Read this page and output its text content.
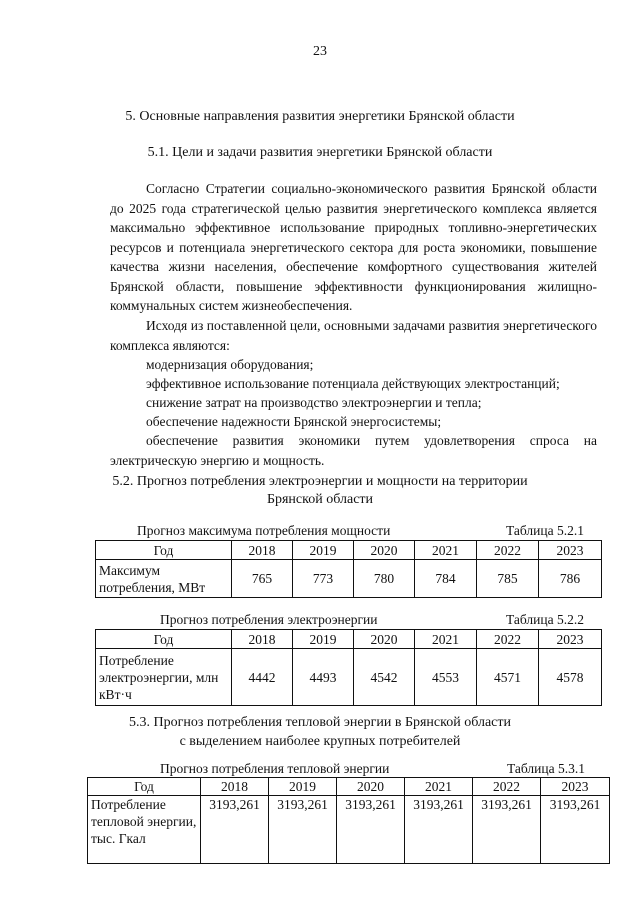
23
5. Основные направления развития энергетики Брянской области
5.1. Цели и задачи развития энергетики Брянской области

Согласно Стратегии социально-экономического развития Брянской области до 2025 года стратегической целью развития энергетического комплекса является максимально эффективное использование природных топливно-энергетических ресурсов и потенциала энергетического сектора для роста экономики, повышение качества жизни населения, обеспечение комфортного существования жителей Брянской области, повышение эффективности функционирования жилищно-коммунальных систем жизнеобеспечения.

Исходя из поставленной цели, основными задачами развития энергетического комплекса являются:

модернизация оборудования;

эффективное использование потенциала действующих электростанций;

снижение затрат на производство электроэнергии и тепла;

обеспечение надежности Брянской энергосистемы;

обеспечение развития экономики путем удовлетворения спроса на электрическую энергию и мощность.

5.2. Прогноз потребления электроэнергии и мощности на территории
Брянской области
Прогноз максимума потребления мощности	Таблица 5.2.1
Год	2018	2019	2020	2021	2022	2023
Максимум потребления, МВт	765	773	780	784	785	786
Прогноз потребления электроэнергии	Таблица 5.2.2
Год	2018	2019	2020	2021	2022	2023
Потребление электроэнергии, млн кВт·ч	4442	4493	4542	4553	4571	4578
5.3. Прогноз потребления тепловой энергии в Брянской области
с выделением наиболее крупных потребителей
Прогноз потребления тепловой энергии	Таблица 5.3.1
Год	2018	2019	2020	2021	2022	2023
Потребление тепловой энергии, тыс. Гкал	3193,261	3193,261	3193,261	3193,261	3193,261	3193,261
